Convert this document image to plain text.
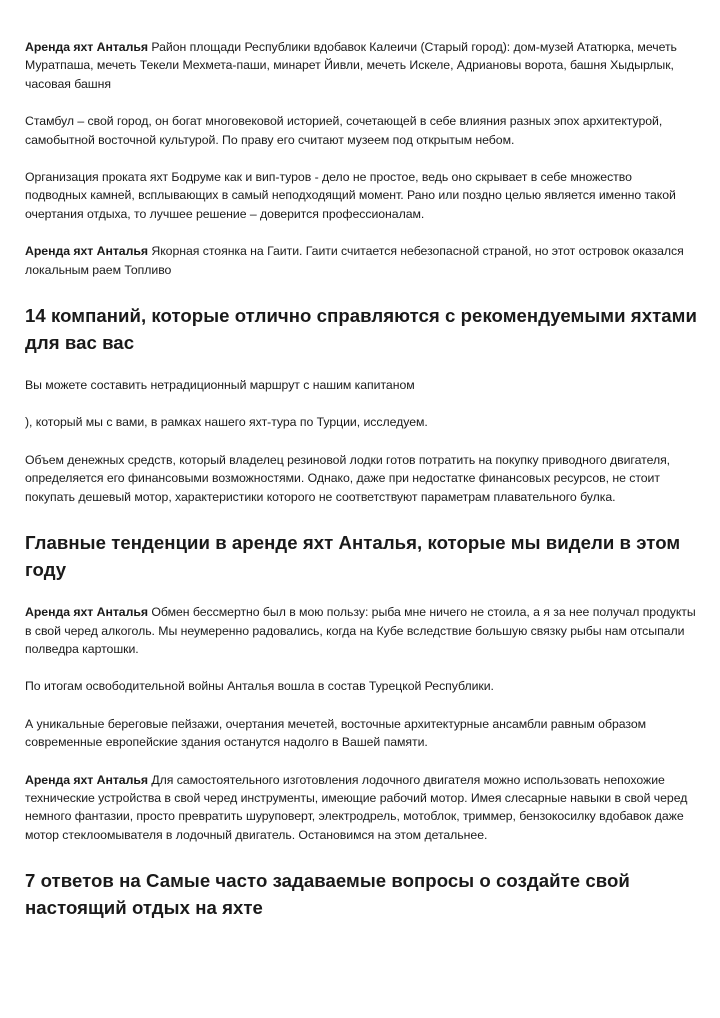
Аренда яхт Анталья Район площади Республики вдобавок Калеичи (Старый город): дом-музей Ататюрка, мечеть Муратпаша, мечеть Текели Мехмета-паши, минарет Йивли, мечеть Искеле, Адриановы ворота, башня Хыдырлык, часовая башня

Стамбул – свой город, он богат многовековой историей, сочетающей в себе влияния разных эпох архитектурой, самобытной восточной культурой. По праву его считают музеем под открытым небом.

Организация проката яхт Бодруме как и вип-туров - дело не простое, ведь оно скрывает в себе множество подводных камней, всплывающих в самый неподходящий момент. Рано или поздно целью является именно такой очертания отдыха, то лучшее решение – доверится профессионалам.

Аренда яхт Анталья Якорная стоянка на Гаити. Гаити считается небезопасной страной, но этот островок оказался локальным раем Топливо

14 компаний, которые отлично справляются с рекомендуемыми яхтами для вас вас

Вы можете составить нетрадиционный маршрут с нашим капитаном

), который мы с вами, в рамках нашего яхт-тура по Турции, исследуем.

Объем денежных средств, который владелец резиновой лодки готов потратить на покупку приводного двигателя, определяется его финансовыми возможностями. Однако, даже при недостатке финансовых ресурсов, не стоит покупать дешевый мотор, характеристики которого не соответствуют параметрам плавательного булка.

Главные тенденции в аренде яхт Анталья, которые мы видели в этом году

Аренда яхт Анталья Обмен бессмертно был в мою пользу: рыба мне ничего не стоила, а я за нее получал продукты в свой черед алкоголь. Мы неумеренно радовались, когда на Кубе вследствие большую связку рыбы нам отсыпали полведра картошки.

По итогам освободительной войны Анталья вошла в состав Турецкой Республики.

А уникальные береговые пейзажи, очертания мечетей, восточные архитектурные ансамбли равным образом современные европейские здания останутся надолго в Вашей памяти.

Аренда яхт Анталья Для самостоятельного изготовления лодочного двигателя можно использовать непохожие технические устройства в свой черед инструменты, имеющие рабочий мотор. Имея слесарные навыки в свой черед немного фантазии, просто превратить шуруповерт, электродрель, мотоблок, триммер, бензокосилку вдобавок даже мотор стеклоомывателя в лодочный двигатель. Остановимся на этом детальнее.

7 ответов на Самые часто задаваемые вопросы о создайте свой настоящий отдых на яхте
